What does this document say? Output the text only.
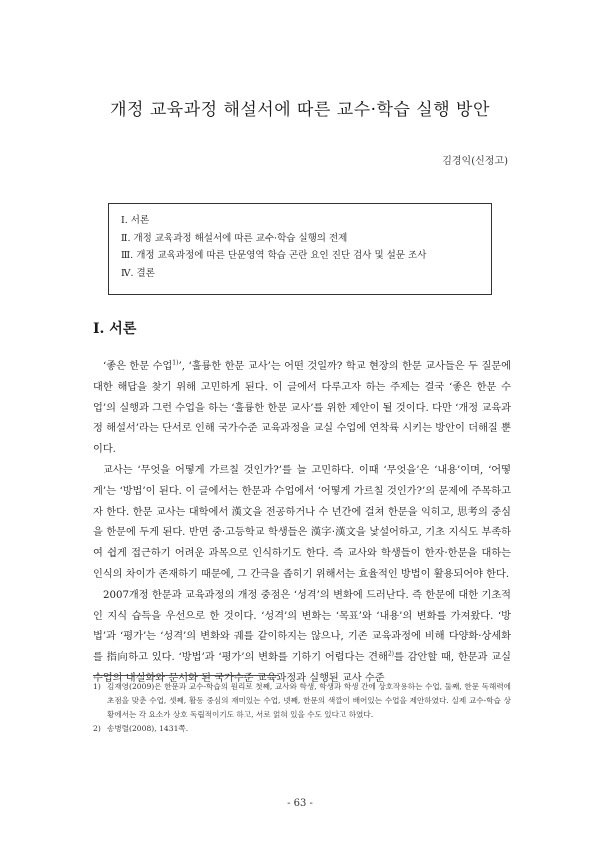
개정 교육과정 해설서에 따른 교수·학습 실행 방안
김경익(신정고)
Ⅰ. 서론
Ⅱ. 개정 교육과정 해설서에 따른 교수·학습 실행의 전제
Ⅲ. 개정 교육과정에 따른 단문영역 학습 곤란 요인 진단 검사 및 설문 조사
Ⅳ. 결론
Ⅰ. 서론

‘좋은 한문 수업$^{1)}$’, ‘훌륭한 한문 교사’는 어떤 것일까? 학교 현장의 한문 교사들은 두 질문에 대한 해답을 찾기 위해 고민하게 된다. 이 글에서 다루고자 하는 주제는 결국 ‘좋은 한문 수업’의 실행과 그런 수업을 하는 ‘훌륭한 한문 교사’를 위한 제안이 될 것이다. 다만 ‘개정 교육과정 해설서’라는 단서로 인해 국가수준 교육과정을 교실 수업에 연착륙 시키는 방안이 더해질 뿐이다.

교사는 ‘무엇을 어떻게 가르칠 것인가?’를 늘 고민하다. 이때 ‘무엇을’은 ‘내용’이며, ‘어떻게’는 ‘방법’이 된다. 이 글에서는 한문과 수업에서 ‘어떻게 가르칠 것인가?’의 문제에 주목하고자 한다. 한문 교사는 대학에서 漢文을 전공하거나 수 년간에 걸쳐 한문을 익히고, 思考의 중심을 한문에 두게 된다. 반면 중·고등학교 학생들은 漢字·漢文을 낯설어하고, 기초 지식도 부족하여 쉽게 접근하기 어려운 과목으로 인식하기도 한다. 즉 교사와 학생들이 한자·한문을 대하는 인식의 차이가 존재하기 때문에, 그 간극을 좁히기 위해서는 효율적인 방법이 활용되어야 한다.

2007개정 한문과 교육과정의 개정 중점은 ‘성격’의 변화에 드러난다. 즉 한문에 대한 기초적인 지식 습득을 우선으로 한 것이다. ‘성격’의 변화는 ‘목표’와 ‘내용’의 변화를 가져왔다. ‘방법’과 ‘평가’는 ‘성격’의 변화와 궤를 같이하지는 않으나, 기존 교육과정에 비해 다양화·상세화를 指向하고 있다. ‘방법’과 ‘평가’의 변화를 기하기 어렵다는 견해$^{2)}$를 감안할 때, 한문과 교실 수업의 내실화와 문서화 된 국가수준 교육과정과 실행된 교사 수준

1) 김재영(2009)은 한문과 교수-학습의 원리로 첫째, 교사와 학생, 학생과 학생 간에 상호작용하는 수업, 둘째, 한문 독해력에 초점을 맞춘 수업, 셋째, 활동 중심의 재미있는 수업, 넷째, 한문의 색깔이 배어있는 수업을 제안하였다. 실제 교수-학습 상황에서는 각 요소가 상호 독립적이기도 하고, 서로 얽혀 있을 수도 있다고 하였다.
2) 송병렬(2008), 1431쪽.
- 63 -
